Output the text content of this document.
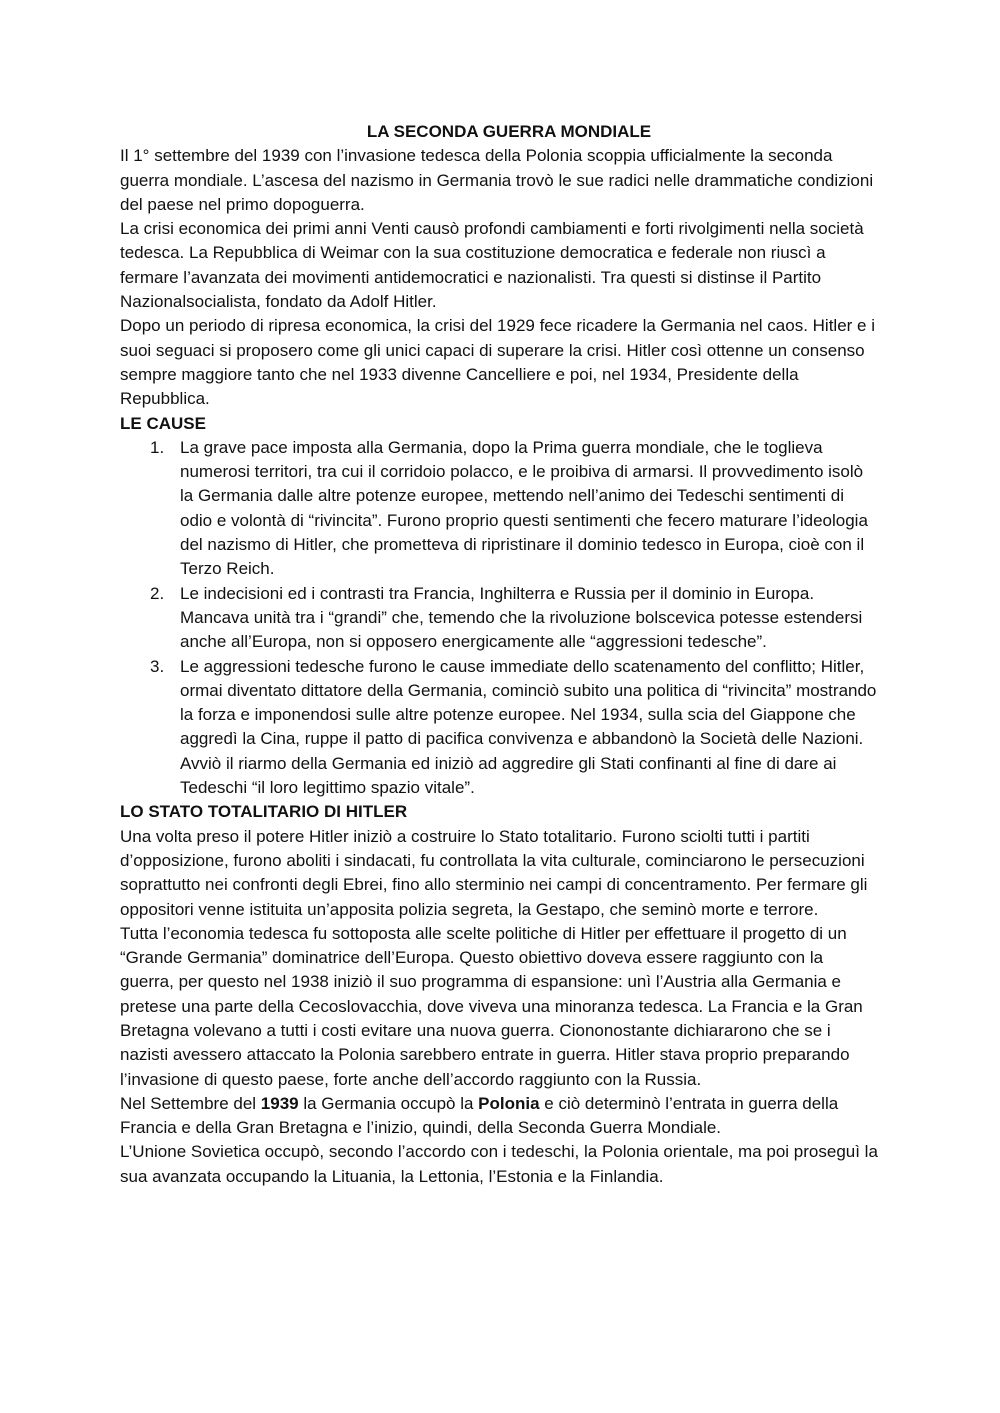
LA SECONDA GUERRA MONDIALE

Il 1° settembre del 1939 con l’invasione tedesca della Polonia scoppia ufficialmente la seconda guerra mondiale. L’ascesa del nazismo in Germania trovò le sue radici nelle drammatiche condizioni del paese nel primo dopoguerra.

La crisi economica dei primi anni Venti causò profondi cambiamenti e forti rivolgimenti nella società tedesca. La Repubblica di Weimar con la sua costituzione democratica e federale non riuscì a fermare l’avanzata dei movimenti antidemocratici e nazionalisti. Tra questi si distinse il Partito Nazionalsocialista, fondato da Adolf Hitler.

Dopo un periodo di ripresa economica, la crisi del 1929 fece ricadere la Germania nel caos. Hitler e i suoi seguaci si proposero come gli unici capaci di superare la crisi. Hitler così ottenne un consenso sempre maggiore tanto che nel 1933 divenne Cancelliere e poi, nel 1934, Presidente della Repubblica.

LE CAUSE

1. La grave pace imposta alla Germania, dopo la Prima guerra mondiale, che le toglieva numerosi territori, tra cui il corridoio polacco, e le proibiva di armarsi. Il provvedimento isolò la Germania dalle altre potenze europee, mettendo nell’animo dei Tedeschi sentimenti di odio e volontà di “rivincita”. Furono proprio questi sentimenti che fecero maturare l’ideologia del nazismo di Hitler, che prometteva di ripristinare il dominio tedesco in Europa, cioè con il Terzo Reich.
2. Le indecisioni ed i contrasti tra Francia, Inghilterra e Russia per il dominio in Europa. Mancava unità tra i “grandi” che, temendo che la rivoluzione bolscevica potesse estendersi anche all’Europa, non si opposero energicamente alle “aggressioni tedesche”.
3. Le aggressioni tedesche furono le cause immediate dello scatenamento del conflitto; Hitler, ormai diventato dittatore della Germania, cominciò subito una politica di “rivincita” mostrando la forza e imponendosi sulle altre potenze europee. Nel 1934, sulla scia del Giappone che aggredì la Cina, ruppe il patto di pacifica convivenza e abbandonò la Società delle Nazioni. Avviò il riarmo della Germania ed iniziò ad aggredire gli Stati confinanti al fine di dare ai Tedeschi “il loro legittimo spazio vitale”.

LO STATO TOTALITARIO DI HITLER

Una volta preso il potere Hitler iniziò a costruire lo Stato totalitario. Furono sciolti tutti i partiti d’opposizione, furono aboliti i sindacati, fu controllata la vita culturale, cominciarono le persecuzioni soprattutto nei confronti degli Ebrei, fino allo sterminio nei campi di concentramento. Per fermare gli oppositori venne istituita un’apposita polizia segreta, la Gestapo, che seminò morte e terrore.

Tutta l’economia tedesca fu sottoposta alle scelte politiche di Hitler per effettuare il progetto di un “Grande Germania” dominatrice dell’Europa. Questo obiettivo doveva essere raggiunto con la guerra, per questo nel 1938 iniziò il suo programma di espansione: unì l’Austria alla Germania e pretese una parte della Cecoslovacchia, dove viveva una minoranza tedesca. La Francia e la Gran Bretagna volevano a tutti i costi evitare una nuova guerra. Ciononostante dichiararono che se i nazisti avessero attaccato la Polonia sarebbero entrate in guerra. Hitler stava proprio preparando l’invasione di questo paese, forte anche dell’accordo raggiunto con la Russia.

Nel Settembre del 1939 la Germania occupò la Polonia e ciò determinò l’entrata in guerra della Francia e della Gran Bretagna e l’inizio, quindi, della Seconda Guerra Mondiale.

L’Unione Sovietica occupò, secondo l’accordo con i tedeschi, la Polonia orientale, ma poi proseguì la sua avanzata occupando la Lituania, la Lettonia, l’Estonia e la Finlandia.
